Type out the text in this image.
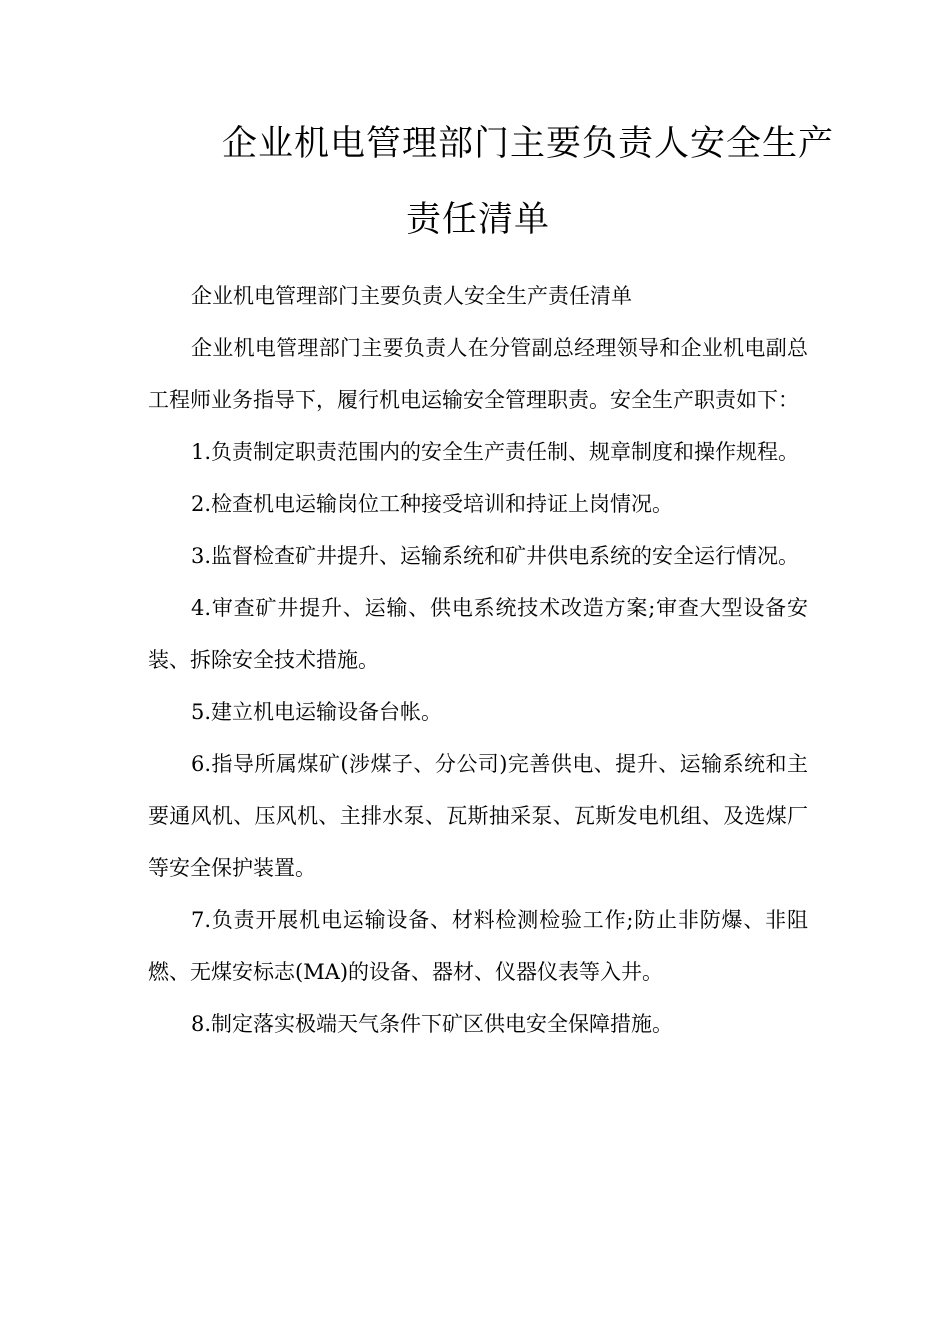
企业机电管理部门主要负责人安全生产
责任清单

企业机电管理部门主要负责人安全生产责任清单

企业机电管理部门主要负责人在分管副总经理领导和企业机电副总工程师业务指导下，履行机电运输安全管理职责。安全生产职责如下：

1.负责制定职责范围内的安全生产责任制、规章制度和操作规程。

2.检查机电运输岗位工种接受培训和持证上岗情况。

3.监督检查矿井提升、运输系统和矿井供电系统的安全运行情况。

4.审查矿井提升、运输、供电系统技术改造方案;审查大型设备安装、拆除安全技术措施。

5.建立机电运输设备台帐。

6.指导所属煤矿(涉煤子、分公司)完善供电、提升、运输系统和主要通风机、压风机、主排水泵、瓦斯抽采泵、瓦斯发电机组、及选煤厂等安全保护装置。

7.负责开展机电运输设备、材料检测检验工作;防止非防爆、非阻燃、无煤安标志(MA)的设备、器材、仪器仪表等入井。

8.制定落实极端天气条件下矿区供电安全保障措施。
